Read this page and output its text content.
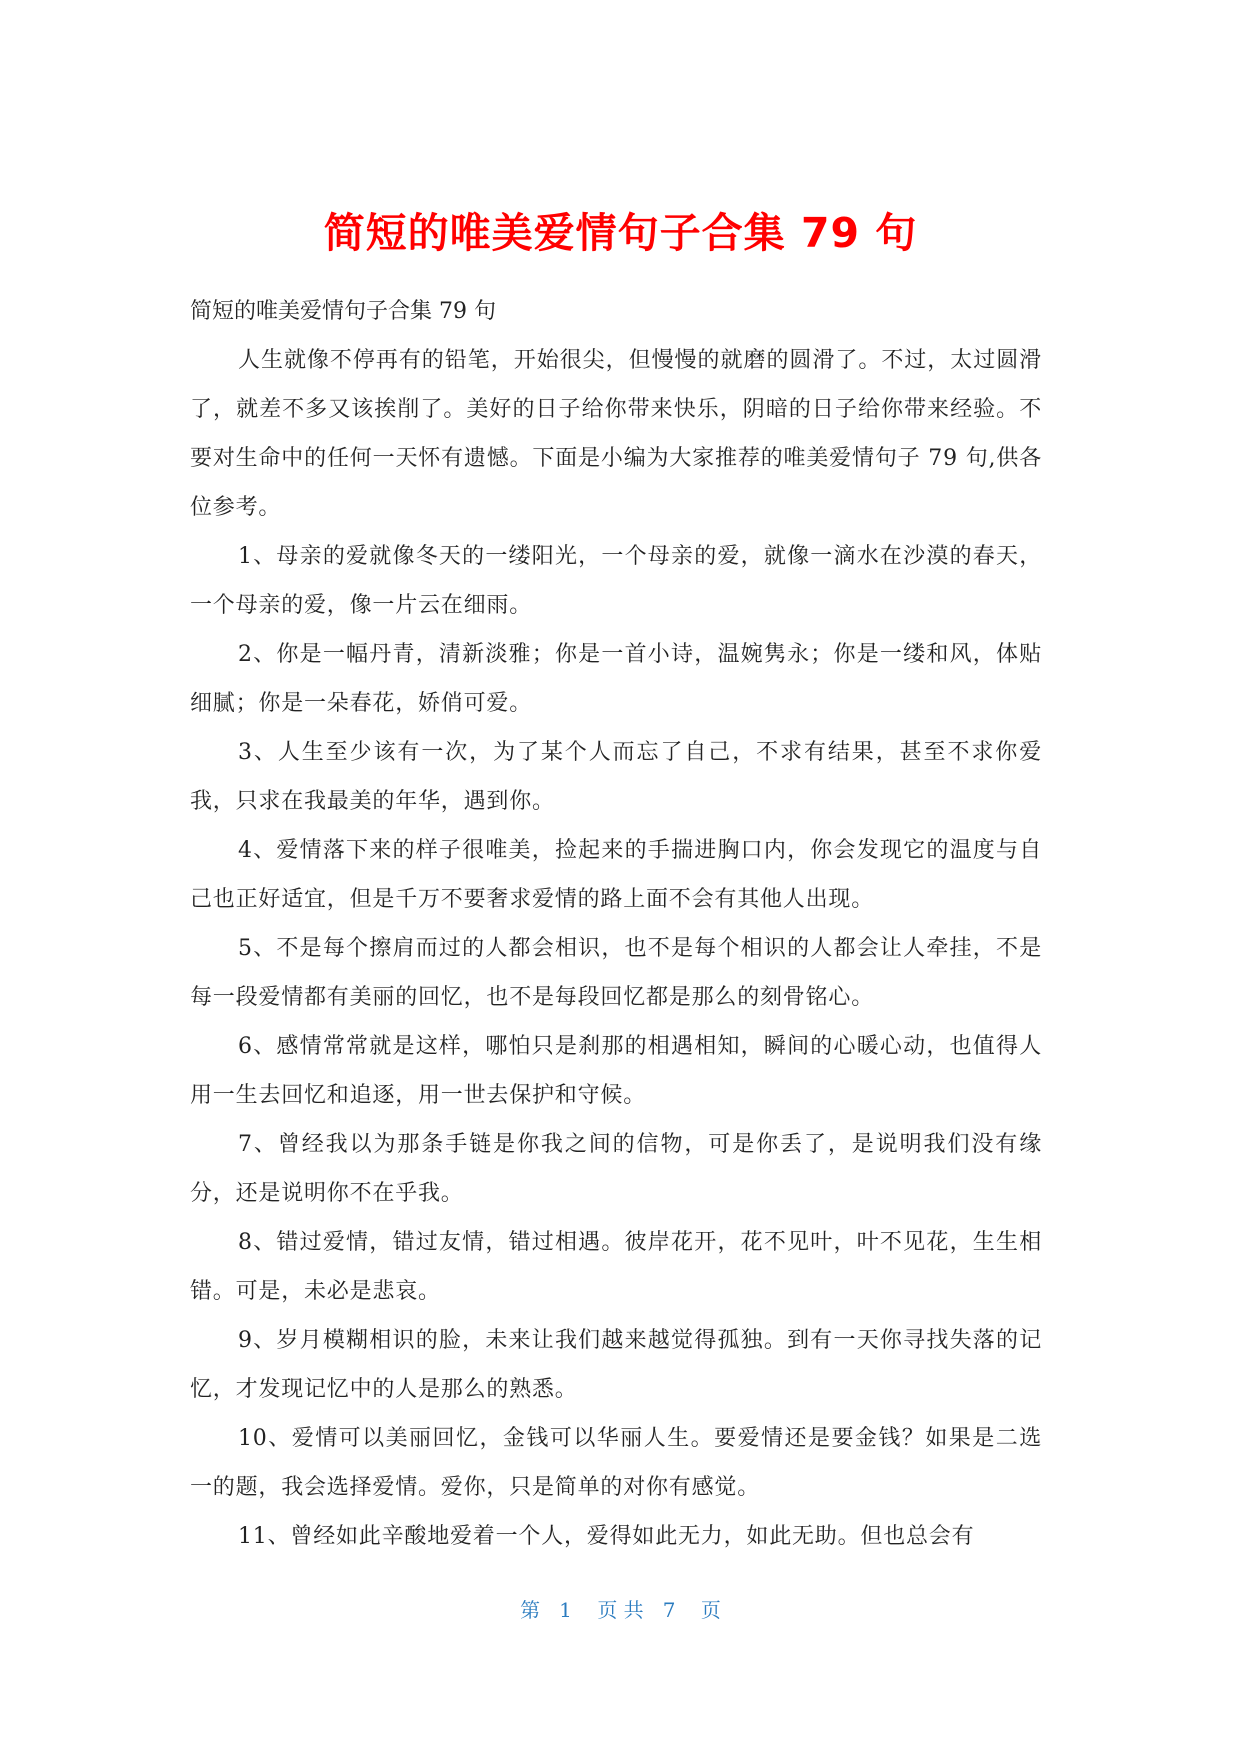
简短的唯美爱情句子合集 79 句

简短的唯美爱情句子合集 79 句

人生就像不停再有的铅笔，开始很尖，但慢慢的就磨的圆滑了。不过，太过圆滑了，就差不多又该挨削了。美好的日子给你带来快乐，阴暗的日子给你带来经验。不要对生命中的任何一天怀有遗憾。下面是小编为大家推荐的唯美爱情句子 79 句,供各位参考。

1、母亲的爱就像冬天的一缕阳光，一个母亲的爱，就像一滴水在沙漠的春天，一个母亲的爱，像一片云在细雨。

2、你是一幅丹青，清新淡雅；你是一首小诗，温婉隽永；你是一缕和风，体贴细腻；你是一朵春花，娇俏可爱。

3、人生至少该有一次，为了某个人而忘了自己，不求有结果，甚至不求你爱我，只求在我最美的年华，遇到你。

4、爱情落下来的样子很唯美，捡起来的手揣进胸口内，你会发现它的温度与自己也正好适宜，但是千万不要奢求爱情的路上面不会有其他人出现。

5、不是每个擦肩而过的人都会相识，也不是每个相识的人都会让人牵挂，不是每一段爱情都有美丽的回忆，也不是每段回忆都是那么的刻骨铭心。

6、感情常常就是这样，哪怕只是刹那的相遇相知，瞬间的心暖心动，也值得人用一生去回忆和追逐，用一世去保护和守候。

7、曾经我以为那条手链是你我之间的信物，可是你丢了，是说明我们没有缘分，还是说明你不在乎我。

8、错过爱情，错过友情，错过相遇。彼岸花开，花不见叶，叶不见花，生生相错。可是，未必是悲哀。

9、岁月模糊相识的脸，未来让我们越来越觉得孤独。到有一天你寻找失落的记忆，才发现记忆中的人是那么的熟悉。

10、爱情可以美丽回忆，金钱可以华丽人生。要爱情还是要金钱？如果是二选一的题，我会选择爱情。爱你，只是简单的对你有感觉。

11、曾经如此辛酸地爱着一个人，爱得如此无力，如此无助。但也总会有

第 1 页 共 7 页
